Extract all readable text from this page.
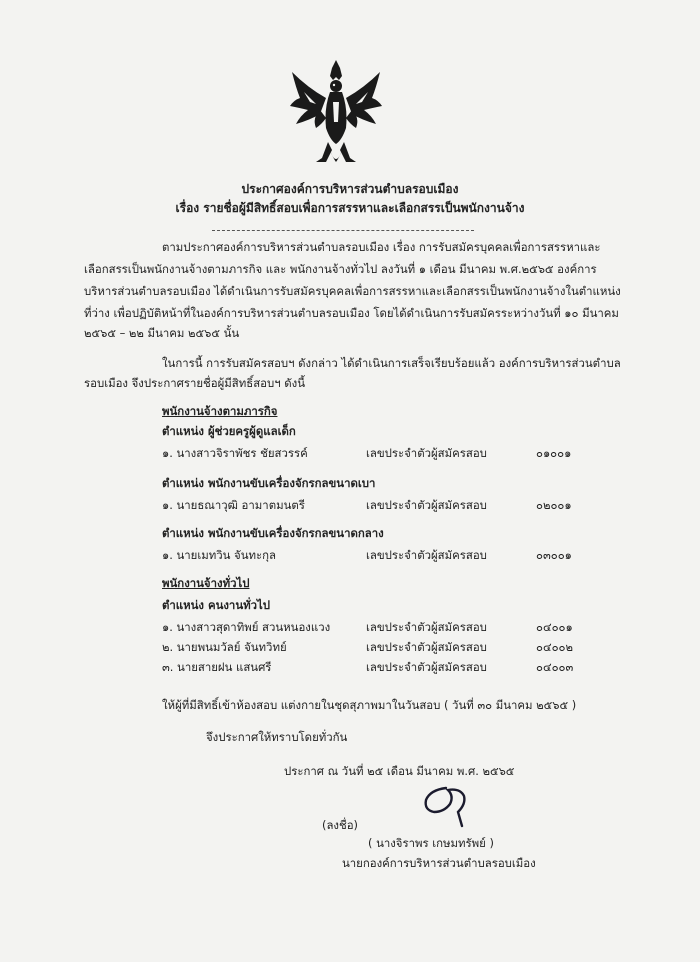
ประกาศองค์การบริหารส่วนตำบลรอบเมือง
เรื่อง รายชื่อผู้มีสิทธิ์สอบเพื่อการสรรหาและเลือกสรรเป็นพนักงานจ้าง
ตามประกาศองค์การบริหารส่วนตำบลรอบเมือง เรื่อง การรับสมัครบุคคลเพื่อการสรรหาและ
เลือกสรรเป็นพนักงานจ้างตามภารกิจ และ พนักงานจ้างทั่วไป ลงวันที่ ๑ เดือน มีนาคม พ.ศ.๒๕๖๕ องค์การ
บริหารส่วนตำบลรอบเมือง ได้ดำเนินการรับสมัครบุคคลเพื่อการสรรหาและเลือกสรรเป็นพนักงานจ้างในตำแหน่ง
ที่ว่าง เพื่อปฏิบัติหน้าที่ในองค์การบริหารส่วนตำบลรอบเมือง โดยได้ดำเนินการรับสมัครระหว่างวันที่ ๑๐ มีนาคม
๒๕๖๕ – ๒๒ มีนาคม ๒๕๖๕ นั้น
ในการนี้ การรับสมัครสอบฯ ดังกล่าว ได้ดำเนินการเสร็จเรียบร้อยแล้ว องค์การบริหารส่วนตำบล
รอบเมือง จึงประกาศรายชื่อผู้มีสิทธิ์สอบฯ ดังนี้
พนักงานจ้างตามภารกิจ
ตำแหน่ง ผู้ช่วยครูผู้ดูแลเด็ก
๑. นางสาวจิราพัชร ชัยสวรรค์	เลขประจำตัวผู้สมัครสอบ	๐๑๐๐๑
ตำแหน่ง พนักงานขับเครื่องจักรกลขนาดเบา
๑. นายธณาวุฒิ อามาตมนตรี	เลขประจำตัวผู้สมัครสอบ	๐๒๐๐๑
ตำแหน่ง พนักงานขับเครื่องจักรกลขนาดกลาง
๑. นายเมทวิน จันทะกุล	เลขประจำตัวผู้สมัครสอบ	๐๓๐๐๑
พนักงานจ้างทั่วไป
ตำแหน่ง คนงานทั่วไป
๑. นางสาวสุดาทิพย์ สวนหนองแวง	เลขประจำตัวผู้สมัครสอบ	๐๔๐๐๑
๒. นายพนมวัลย์ จันทวิทย์	เลขประจำตัวผู้สมัครสอบ	๐๔๐๐๒
๓. นายสายฝน แสนศรี	เลขประจำตัวผู้สมัครสอบ	๐๔๐๐๓
ให้ผู้ที่มีสิทธิ์เข้าห้องสอบ แต่งกายในชุดสุภาพมาในวันสอบ ( วันที่ ๓๐ มีนาคม ๒๕๖๕ )
จึงประกาศให้ทราบโดยทั่วกัน
ประกาศ ณ วันที่ ๒๕ เดือน มีนาคม พ.ศ. ๒๕๖๕
(ลงชื่อ)
( นางจิราพร เกษมทรัพย์ )
นายกองค์การบริหารส่วนตำบลรอบเมือง
